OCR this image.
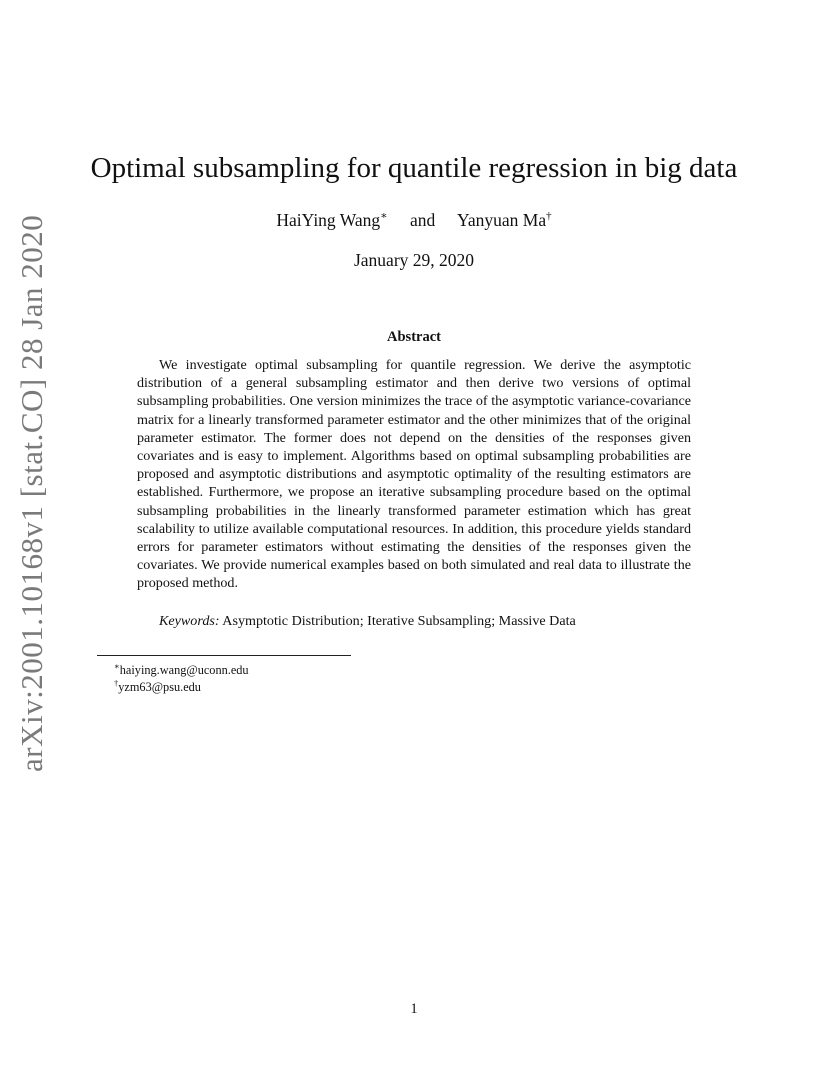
arXiv:2001.10168v1 [stat.CO] 28 Jan 2020
Optimal subsampling for quantile regression in big data
HaiYing Wang∗ and Yanyuan Ma†
January 29, 2020
Abstract

We investigate optimal subsampling for quantile regression. We derive the asymptotic distribution of a general subsampling estimator and then derive two versions of optimal subsampling probabilities. One version minimizes the trace of the asymptotic variance-covariance matrix for a linearly transformed parameter estimator and the other minimizes that of the original parameter estimator. The former does not depend on the densities of the responses given covariates and is easy to implement. Algorithms based on optimal subsampling probabilities are proposed and asymptotic distributions and asymptotic optimality of the resulting estimators are established. Furthermore, we propose an iterative subsampling procedure based on the optimal subsampling probabilities in the linearly transformed parameter estimation which has great scalability to utilize available computational resources. In addition, this procedure yields standard errors for parameter estimators without estimating the densities of the responses given the covariates. We provide numerical examples based on both simulated and real data to illustrate the proposed method.

Keywords: Asymptotic Distribution; Iterative Subsampling; Massive Data

∗haiying.wang@uconn.edu
†yzm63@psu.edu
1
